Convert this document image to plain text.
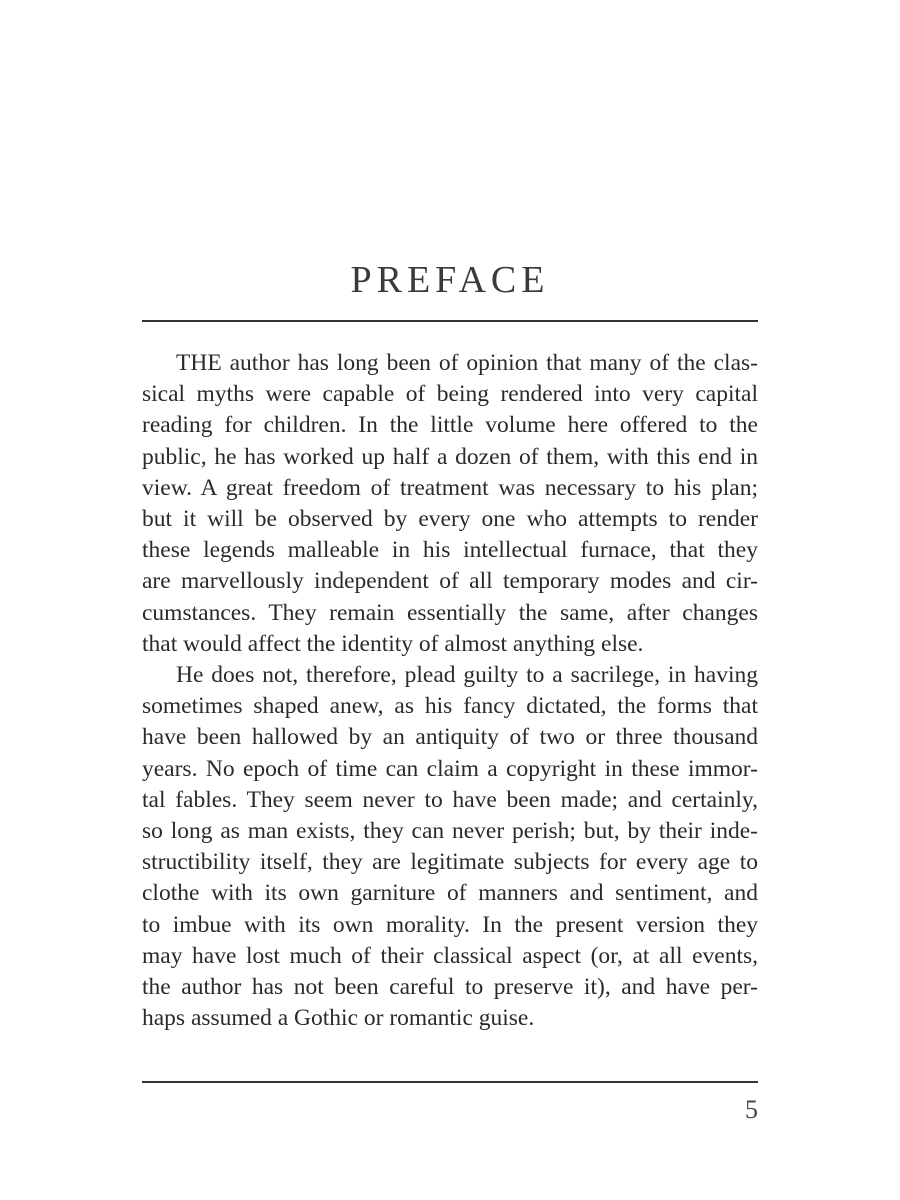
PREFACE

THE author has long been of opinion that many of the clas-
sical myths were capable of being rendered into very capital
reading for children. In the little volume here offered to the
public, he has worked up half a dozen of them, with this end in
view. A great freedom of treatment was necessary to his plan;
but it will be observed by every one who attempts to render
these legends malleable in his intellectual furnace, that they
are marvellously independent of all temporary modes and cir-
cumstances. They remain essentially the same, after changes
that would affect the identity of almost anything else.

He does not, therefore, plead guilty to a sacrilege, in having
sometimes shaped anew, as his fancy dictated, the forms that
have been hallowed by an antiquity of two or three thousand
years. No epoch of time can claim a copyright in these immor-
tal fables. They seem never to have been made; and certainly,
so long as man exists, they can never perish; but, by their inde-
structibility itself, they are legitimate subjects for every age to
clothe with its own garniture of manners and sentiment, and
to imbue with its own morality. In the present version they
may have lost much of their classical aspect (or, at all events,
the author has not been careful to preserve it), and have per-
haps assumed a Gothic or romantic guise.

5
